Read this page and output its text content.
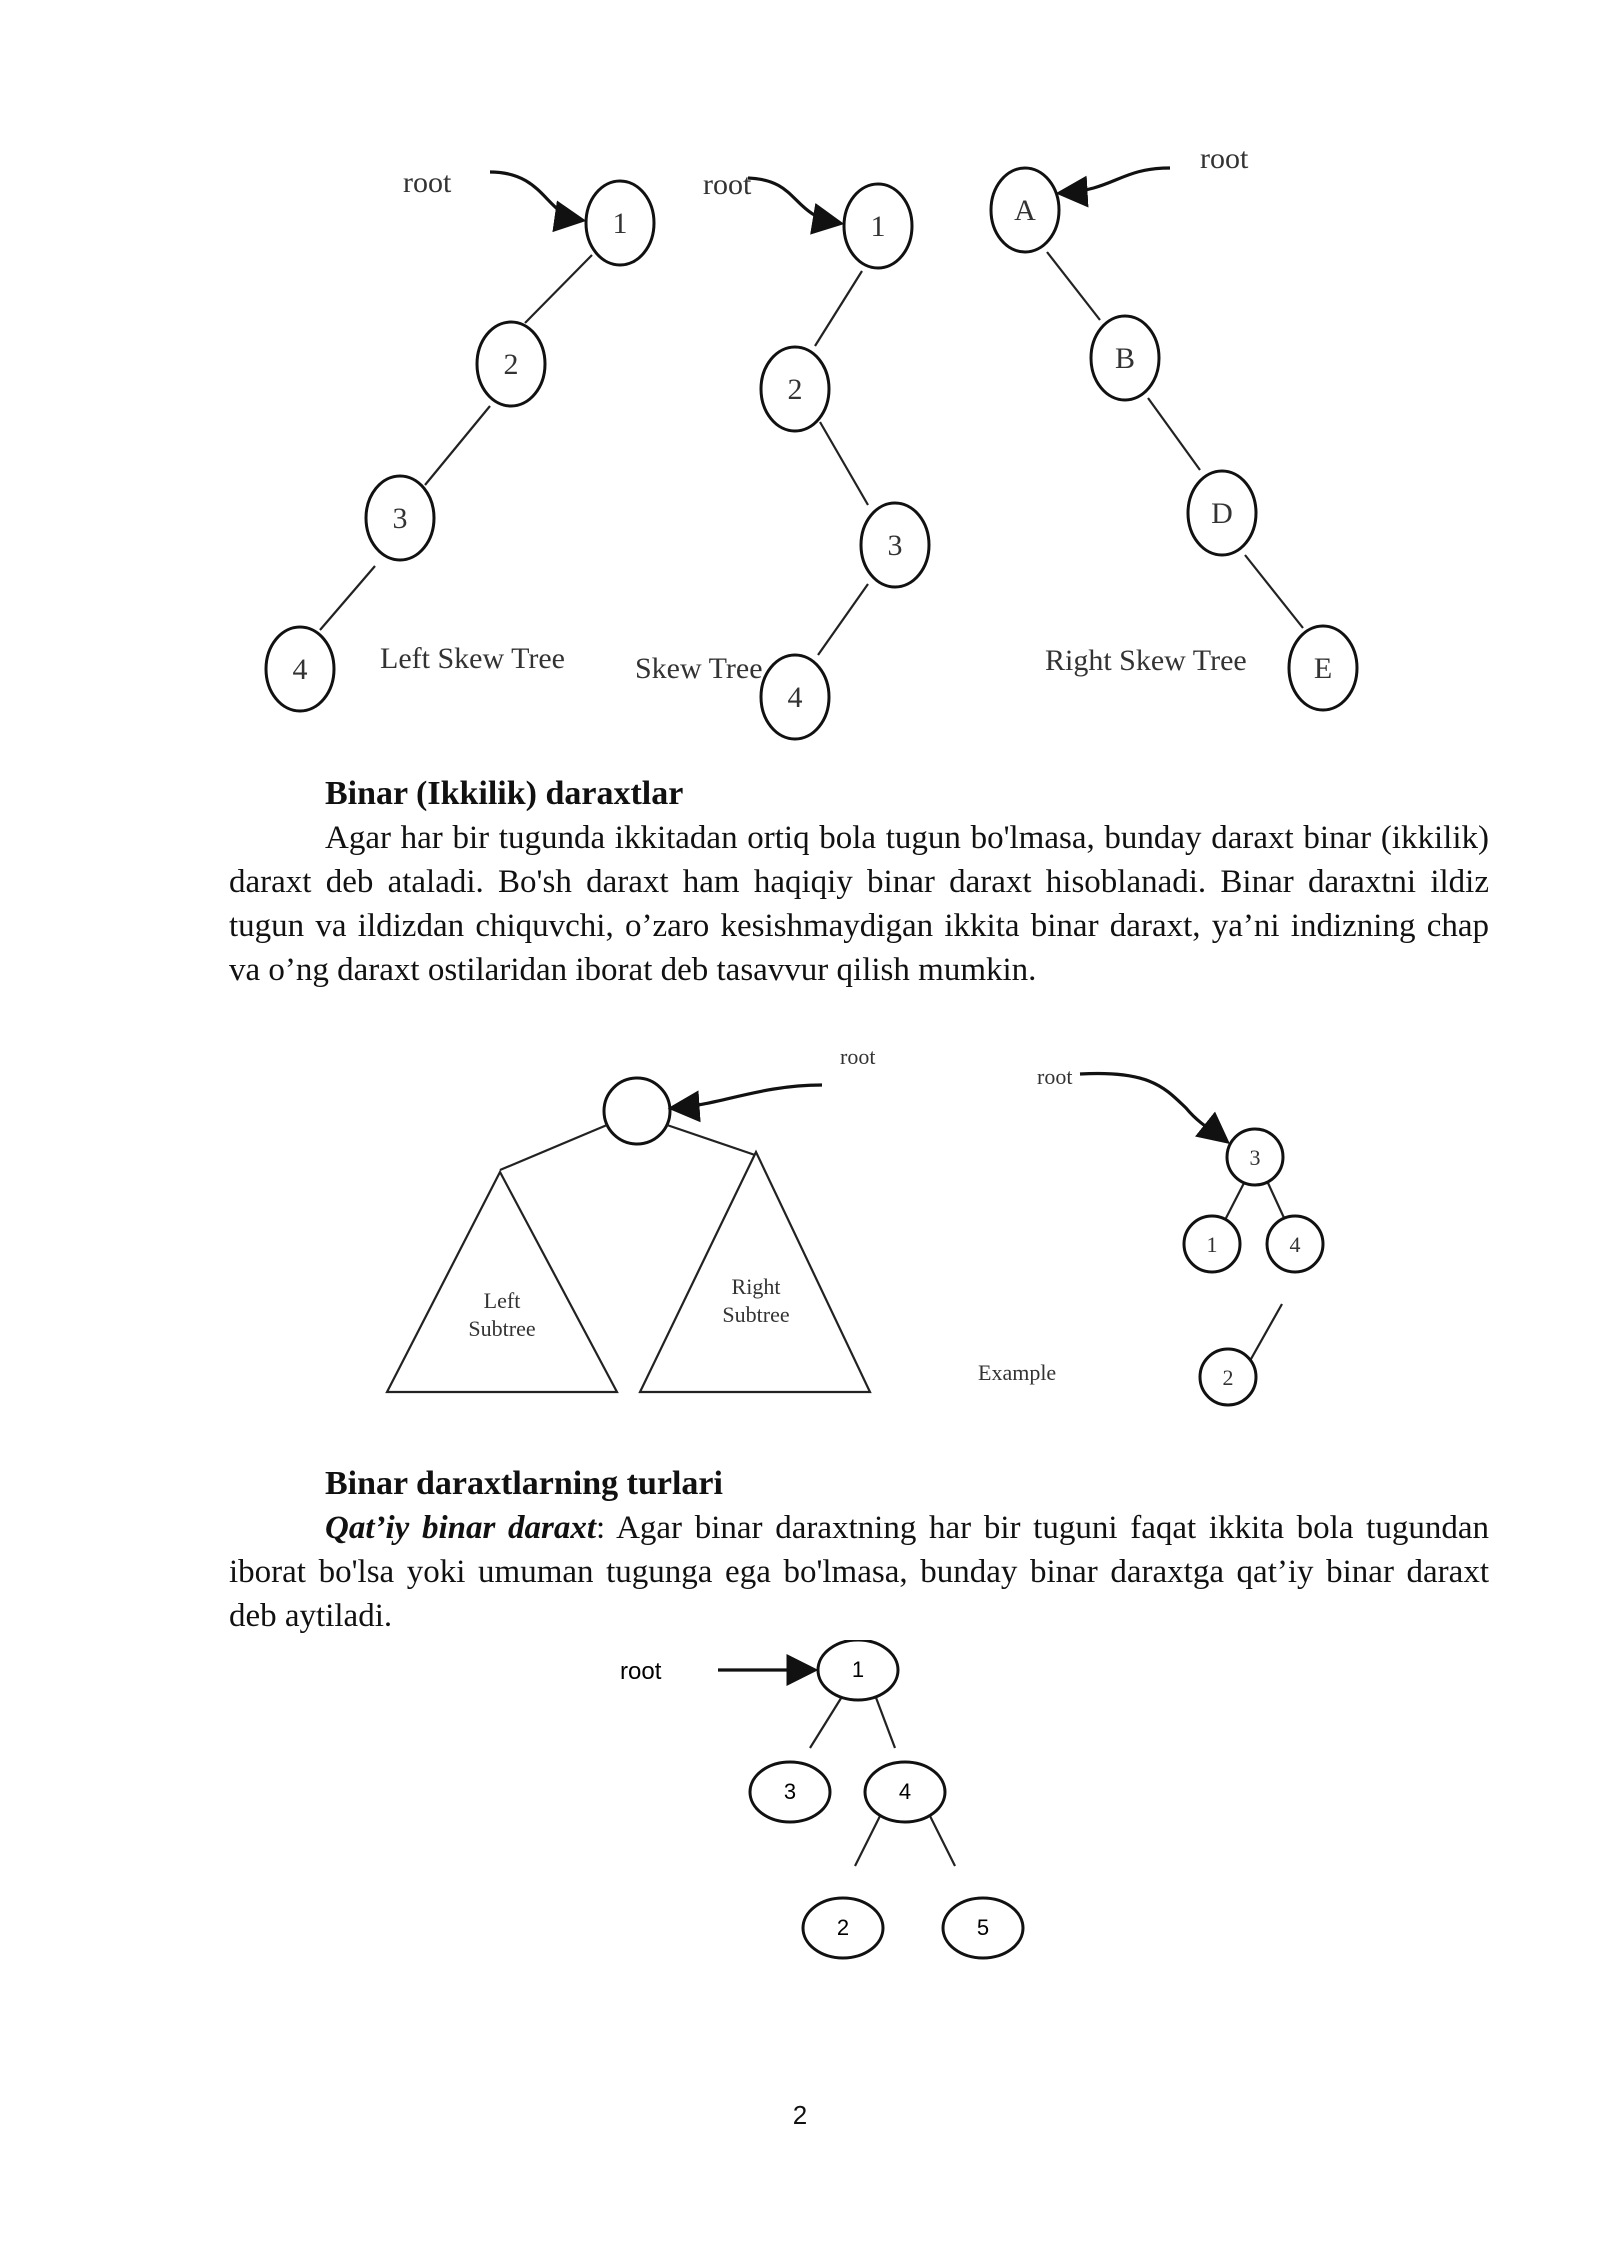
1
2
3
4
root
Left Skew Tree
1
2
3
4
root
Skew Tree
A
B
D
E
root
Right Skew Tree
Binar (Ikkilik) daraxtlar
Agar har bir tugunda ikkitadan ortiq bola tugun bo'lmasa, bunday daraxt binar (ikkilik) daraxt deb ataladi. Bo'sh daraxt ham haqiqiy binar daraxt hisoblanadi. Binar daraxtni ildiz tugun va ildizdan chiquvchi, o’zaro kesishmaydigan ikkita binar daraxt, ya’ni indizning chap va o’ng daraxt ostilaridan iborat deb tasavvur qilish mumkin.
Left
Subtree
Right
Subtree
root
3
1	4
2
root
Example
Binar daraxtlarning turlari
Qat’iy binar daraxt: Agar binar daraxtning har bir tuguni faqat ikkita bola tugundan iborat bo'lsa yoki umuman tugunga ega bo'lmasa, bunday binar daraxtga qat’iy binar daraxt deb aytiladi.
1
3	4
2	5
root
2
